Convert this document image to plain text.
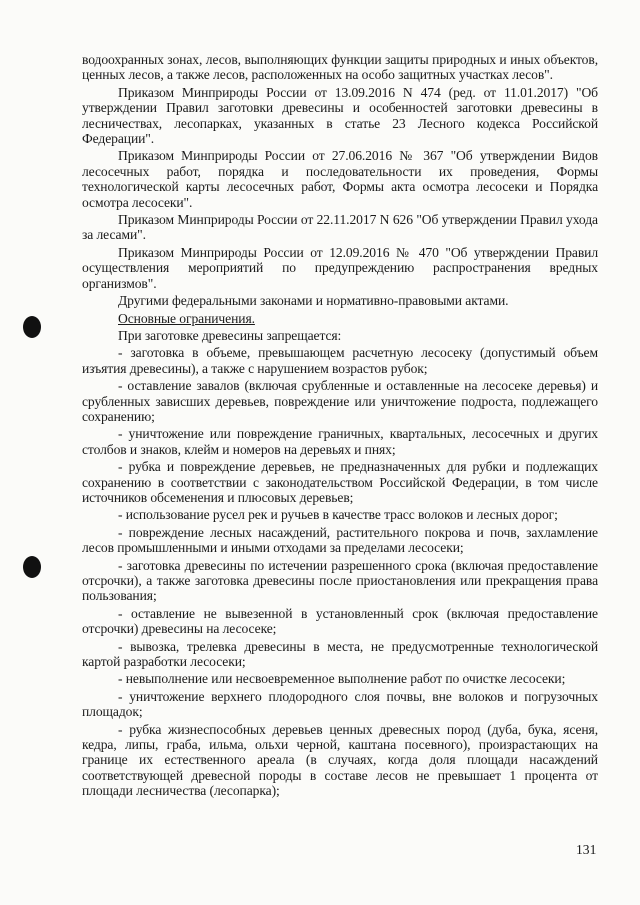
водоохранных зонах, лесов, выполняющих функции защиты природных и иных объектов, ценных лесов, а также лесов, расположенных на особо защитных участках лесов".

Приказом Минприроды России от 13.09.2016 N 474 (ред. от 11.01.2017) "Об утверждении Правил заготовки древесины и особенностей заготовки древесины в лесничествах, лесопарках, указанных в статье 23 Лесного кодекса Российской Федерации".

Приказом Минприроды России от 27.06.2016 № 367 "Об утверждении Видов лесосечных работ, порядка и последовательности их проведения, Формы технологической карты лесосечных работ, Формы акта осмотра лесосеки и Порядка осмотра лесосеки".

Приказом Минприроды России от 22.11.2017 N 626 "Об утверждении Правил ухода за лесами".

Приказом Минприроды России от 12.09.2016 № 470 "Об утверждении Правил осуществления мероприятий по предупреждению распространения вредных организмов".

Другими федеральными законами и нормативно-правовыми актами.

Основные ограничения.

При заготовке древесины запрещается:

- заготовка в объеме, превышающем расчетную лесосеку (допустимый объем изъятия древесины), а также с нарушением возрастов рубок;

- оставление завалов (включая срубленные и оставленные на лесосеке деревья) и срубленных зависших деревьев, повреждение или уничтожение подроста, подлежащего сохранению;

- уничтожение или повреждение граничных, квартальных, лесосечных и других столбов и знаков, клейм и номеров на деревьях и пнях;

- рубка и повреждение деревьев, не предназначенных для рубки и подлежащих сохранению в соответствии с законодательством Российской Федерации, в том числе источников обсеменения и плюсовых деревьев;

- использование русел рек и ручьев в качестве трасс волоков и лесных дорог;

- повреждение лесных насаждений, растительного покрова и почв, захламление лесов промышленными и иными отходами за пределами лесосеки;

- заготовка древесины по истечении разрешенного срока (включая предоставление отсрочки), а также заготовка древесины после приостановления или прекращения права пользования;

- оставление не вывезенной в установленный срок (включая предоставление отсрочки) древесины на лесосеке;

- вывозка, трелевка древесины в места, не предусмотренные технологической картой разработки лесосеки;

- невыполнение или несвоевременное выполнение работ по очистке лесосеки;

- уничтожение верхнего плодородного слоя почвы, вне волоков и погрузочных площадок;

- рубка жизнеспособных деревьев ценных древесных пород (дуба, бука, ясеня, кедра, липы, граба, ильма, ольхи черной, каштана посевного), произрастающих на границе их естественного ареала (в случаях, когда доля площади насаждений соответствующей древесной породы в составе лесов не превышает 1 процента от площади лесничества (лесопарка);

131
